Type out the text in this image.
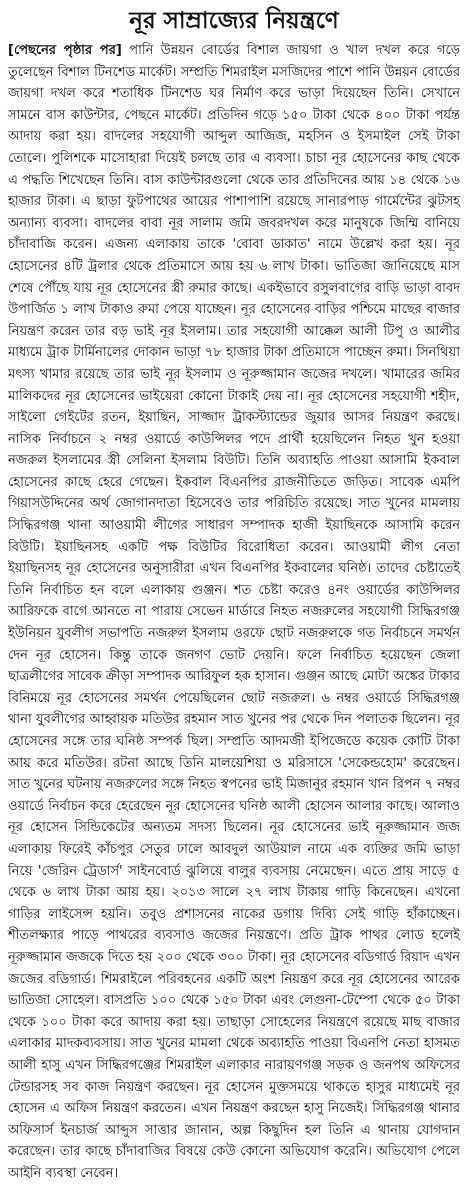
নূর সাম্রাজ্যের নিয়ন্ত্রণে

[পেছনের পৃষ্ঠার পর] পানি উন্নয়ন বোর্ডের বিশাল জায়গা ও খাল দখল করে গড়ে তুলেছেন বিশাল টিনশেড মার্কেট। সম্প্রতি শিমরাইল মসজিদের পাশে পানি উন্নয়ন বোর্ডের জায়গা দখল করে শতাধিক টিনশেড ঘর নির্মাণ করে ভাড়া দিয়েছেন তিনি। সেখানে সামনে বাস কাউন্টার, পেছনে মার্কেট। প্রতিদিন গড়ে ১৫০ টাকা থেকে ৪০০ টাকা পর্যন্ত আদায় করা হয়। বাদলের সহযোগী আব্দুল আজিজ, মহসিন ও ইসমাইল সেই টাকা তোলে। পুলিশকে মাসোহারা দিয়েই চলছে তার এ ব্যবসা। চাচা নূর হোসেনের কাছ থেকে এ পদ্ধতি শিখেছেন তিনি। বাস কাউন্টারগুলো থেকে তার প্রতিদিনের আয় ১৪ থেকে ১৬ হাজার টাকা। এ ছাড়া ফুটপাথের আয়ের পাশাপাশি রয়েছে সানারপাড় গার্মেন্টের ঝুটসহ অন্যান্য ব্যবসা। বাদলের বাবা নূর সালাম জমি জবরদখল করে মানুষকে জিম্মি বানিয়ে চাঁদাবাজি করেন। এজন্য এলাকায় তাকে 'বোবা ডাকাত' নামে উল্লেখ করা হয়। নূর হোসেনের ৪টি ট্রলার থেকে প্রতিমাসে আয় হয় ৬ লাখ টাকা। ভাতিজা জানিয়েছে মাস শেষে পৌঁছে যায় নূর হোসেনের স্ত্রী রুমার কাছে। একইভাবে রসুলবাগের বাড়ি ভাড়া বাবদ উপার্জিত ১ লাখ টাকাও রুমা পেয়ে যাচ্ছেন। নূর হোসেনের বাড়ির পশ্চিমে মাছের বাজার নিয়ন্ত্রণ করেন তার বড় ভাই নূর ইসলাম। তার সহযোগী আক্কেল আলী টিপু ও আলীর মাধ্যমে ট্রাক টার্মিনালের দোকান ভাড়া ৭৮ হাজার টাকা প্রতিমাসে পাচ্ছেন রুমা। সিনথিয়া মৎস্য খামার রয়েছে তার ভাই নূর ইসলাম ও নূরুজ্জামান জজের দখলে। খামারের জমির মালিকদের নূর হোসেনের ভাইয়েরা কোনো টাকাই দেয় না। নূর হোসেনের সহযোগী শহীদ, সাইলো গেইটের রতন, ইয়াছিন, সাজ্জাদ ট্রাকস্ট্যান্ডের জুয়ার আসর নিয়ন্ত্রণ করছে। নাসিক নির্বাচনে ২ নম্বর ওয়ার্ডে কাউন্সিলর পদে প্রার্থী হয়েছিলেন নিহত খুন হওয়া নজরুল ইসলামের স্ত্রী সেলিনা ইসলাম বিউটি। তিনি অব্যাহতি পাওয়া আসামি ইকবাল হোসেনের কাছে হেরে গেছেন। ইকবাল বিএনপির রাজনীতিতে জড়িত। সাবেক এমপি গিয়াসউদ্দিনের অর্থ জোগানদাতা হিসেবেও তার পরিচিতি রয়েছে। সাত খুনের মামলায় সিদ্ধিরগঞ্জ থানা আওয়ামী লীগের সাধারণ সম্পাদক হাজী ইয়াছিনকে আসামি করেন বিউটি। ইয়াছিনসহ একটি পক্ষ বিউটির বিরোধিতা করেন। আওয়ামী লীগ নেতা ইয়াছিনসহ নূর হোসেনের অনুসারীরা এখন বিএনপির ইকবালের ঘনিষ্ঠ। তাদের চেষ্টাতেই তিনি নির্বাচিত হন বলে এলাকায় গুঞ্জন। শত চেষ্টা করেও ৪নং ওয়ার্ডের কাউন্সিলর আরিফকে বাগে আনতে না পারায় সেভেন মার্ডারে নিহত নজরুলের সহযোগী সিদ্ধিরগঞ্জ ইউনিয়ন যুবলীগ সভাপতি নজরুল ইসলাম ওরফে ছোট নজরুলকে গত নির্বাচনে সমর্থন দেন নূর হোসেন। কিন্তু তাকে জনগণ ভোট দেয়নি। ফলে নির্বাচিত হয়েছেন জেলা ছাত্রলীগের সাবেক ক্রীড়া সম্পাদক আরিফুল হক হাসান। গুঞ্জন আছে মোটা অঙ্কের টাকার বিনিময়ে নূর হোসেনের সমর্থন পেয়েছিলেন ছোট নজরুল। ৬ নম্বর ওয়ার্ডে সিদ্ধিরগঞ্জ থানা যুবলীগের আহ্বায়ক মতিউর রহমান সাত খুনের পর থেকে দিন পলাতক ছিলেন। নূর হোসেনের সঙ্গে তার ঘনিষ্ঠ সম্পর্ক ছিল। সম্প্রতি আদমজী ইপিজেডে কয়েক কোটি টাকা আয় করে মতিউর। রটনা আছে তিনি মালয়েশিয়া ও মরিসাসে 'সেকেন্ডহোম' করেছেন। সাত খুনের ঘটনায় নজরুলের সঙ্গে নিহত স্বপনের ভাই মিজানুর রহমান খান রিপন ৭ নম্বর ওয়ার্ডে নির্বাচন করে হেরেছেন নূর হোসেনের ঘনিষ্ঠ আলী হোসেন আলার কাছে। আলাও নূর হোসেন সিন্ডিকেটের অন্যতম সদস্য ছিলেন। নূর হোসেনের ভাই নূরুজ্জামান জজ এলাকায় ফিরেই কাঁচপুর সেতুর ঢালে আবদুল আউয়াল নামে এক ব্যক্তির জমি ভাড়া নিয়ে 'জেরিন ট্রেডার্স' সাইনবোর্ড ঝুলিয়ে বালুর ব্যবসায় নেমেছেন। এতে প্রায় সাড়ে ৫ থেকে ৬ লাখ টাকা আয় হয়। ২০১৩ সালে ২৭ লাখ টাকায় গাড়ি কিনেছেন। এখনো গাড়ির লাইসেন্স হয়নি। তবুও প্রশাসনের নাকের ডগায় দিব্যি সেই গাড়ি হাঁকাচ্ছেন। শীতলক্ষ্যার পাড়ে পাথরের ব্যবসাও জজের নিয়ন্ত্রণে। প্রতি ট্রাক পাথর লোড হলেই নূরুজ্জামান জজকে দিতে হয় ২০০ থেকে ৩০০ টাকা। নূর হোসেনের বডিগার্ড রিয়াদ এখন জজের বডিগার্ড। শিমরাইলে পরিবহনের একটি অংশ নিয়ন্ত্রণ করে নূর হোসেনের আরেক ভাতিজা সোহেল। বাসপ্রতি ১০০ থেকে ১৫০ টাকা এবং লেগুনা-টেম্পো থেকে ৫০ টাকা থেকে ১০০ টাকা করে আদায় করা হয়। তাছাড়া সোহেলের নিয়ন্ত্রণে রয়েছে মাছ বাজার এলাকার মাদকব্যবসায়। সাত খুনের মামলা থেকে অব্যাহতি পাওয়া বিএনপি নেতা হাসমত আলী হাসু এখন সিদ্ধিরগঞ্জের শিমরাইল এলাকার নারায়ণগঞ্জ সড়ক ও জনপথ অফিসের টেন্ডারসহ সব কাজ নিয়ন্ত্রণ করছেন। নূর হোসেন মুক্তসময়ে থাকতে হাসুর মাধ্যমেই নূর হোসেন এ অফিস নিয়ন্ত্রণ করতেন। এখন নিয়ন্ত্রণ করছেন হাসু নিজেই। সিদ্ধিরগঞ্জ থানার অফিসার্স ইনচার্জ আব্দুস সাত্তার জানান, অল্প কিছুদিন হল তিনি এ থানায় যোগদান করেছেন। তার কাছে চাঁদাবাজির বিষয়ে কেউ কোনো অভিযোগ করেনি। অভিযোগ পেলে আইনি ব্যবস্থা নেবেন।
